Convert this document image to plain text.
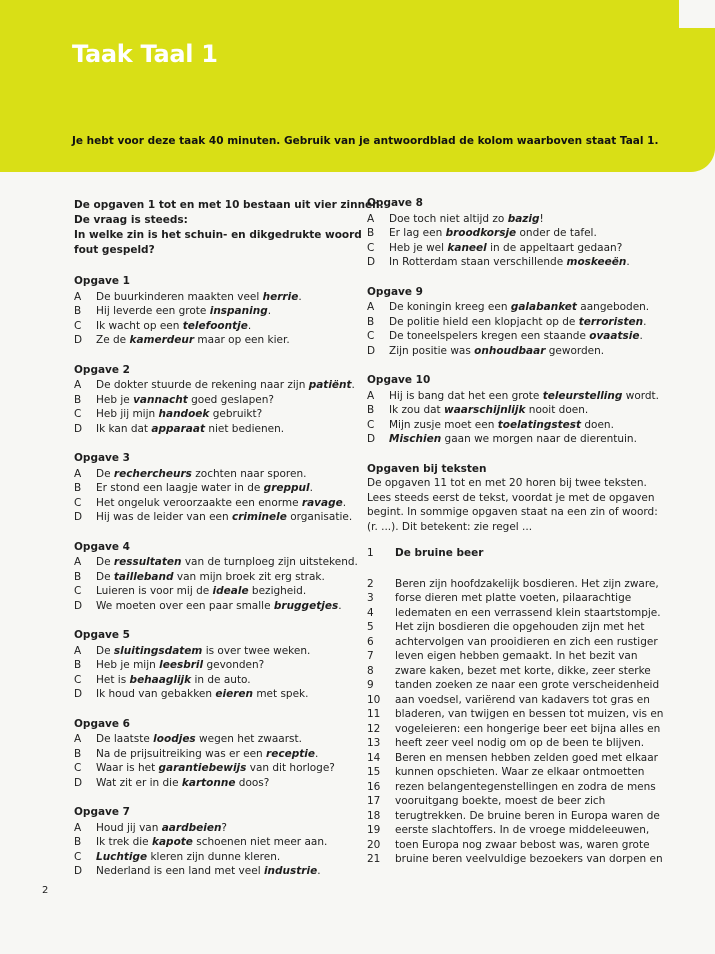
Taak Taal 1
Je hebt voor deze taak 40 minuten. Gebruik van je antwoordblad de kolom waarboven staat Taal 1.
De opgaven 1 tot en met 10 bestaan uit vier zinnen.
De vraag is steeds:
In welke zin is het schuin- en dikgedrukte woord
fout gespeld?
Opgave 1
A	De buurkinderen maakten veel herrie.
B	Hij leverde een grote inspaning.
C	Ik wacht op een telefoontje.
D	Ze de kamerdeur maar op een kier.
Opgave 2
A	De dokter stuurde de rekening naar zijn patiënt.
B	Heb je vannacht goed geslapen?
C	Heb jij mijn handoek gebruikt?
D	Ik kan dat apparaat niet bedienen.
Opgave 3
A	De rechercheurs zochten naar sporen.
B	Er stond een laagje water in de greppul.
C	Het ongeluk veroorzaakte een enorme ravage.
D	Hij was de leider van een criminele organisatie.
Opgave 4
A	De ressultaten van de turnploeg zijn uitstekend.
B	De tailleband van mijn broek zit erg strak.
C	Luieren is voor mij de ideale bezigheid.
D	We moeten over een paar smalle bruggetjes.
Opgave 5
A	De sluitingsdatem is over twee weken.
B	Heb je mijn leesbril gevonden?
C	Het is behaaglijk in de auto.
D	Ik houd van gebakken eieren met spek.
Opgave 6
A	De laatste loodjes wegen het zwaarst.
B	Na de prijsuitreiking was er een receptie.
C	Waar is het garantiebewijs van dit horloge?
D	Wat zit er in die kartonne doos?
Opgave 7
A	Houd jij van aardbeien?
B	Ik trek die kapote schoenen niet meer aan.
C	Luchtige kleren zijn dunne kleren.
D	Nederland is een land met veel industrie.
Opgave 8
A	Doe toch niet altijd zo bazig!
B	Er lag een broodkorsje onder de tafel.
C	Heb je wel kaneel in de appeltaart gedaan?
D	In Rotterdam staan verschillende moskeeën.
Opgave 9
A	De koningin kreeg een galabanket aangeboden.
B	De politie hield een klopjacht op de terroristen.
C	De toneelspelers kregen een staande ovaatsie.
D	Zijn positie was onhoudbaar geworden.
Opgave 10
A	Hij is bang dat het een grote teleurstelling wordt.
B	Ik zou dat waarschijnlijk nooit doen.
C	Mijn zusje moet een toelatingstest doen.
D	Mischien gaan we morgen naar de dierentuin.
Opgaven bij teksten
De opgaven 11 tot en met 20 horen bij twee teksten.
Lees steeds eerst de tekst, voordat je met de opgaven
begint. In sommige opgaven staat na een zin of woord:
(r. ...). Dit betekent: zie regel ...
1	De bruine beer
2	Beren zijn hoofdzakelijk bosdieren. Het zijn zware,
3	forse dieren met platte voeten, pilaarachtige
4	ledematen en een verrassend klein staartstompje.
5	Het zijn bosdieren die opgehouden zijn met het
6	achtervolgen van prooidieren en zich een rustiger
7	leven eigen hebben gemaakt. In het bezit van
8	zware kaken, bezet met korte, dikke, zeer sterke
9	tanden zoeken ze naar een grote verscheidenheid
10	aan voedsel, variërend van kadavers tot gras en
11	bladeren, van twijgen en bessen tot muizen, vis en
12	vogeleieren: een hongerige beer eet bijna alles en
13	heeft zeer veel nodig om op de been te blijven.
14	Beren en mensen hebben zelden goed met elkaar
15	kunnen opschieten. Waar ze elkaar ontmoetten
16	rezen belangentegenstellingen en zodra de mens
17	vooruitgang boekte, moest de beer zich
18	terugtrekken. De bruine beren in Europa waren de
19	eerste slachtoffers. In de vroege middeleeuwen,
20	toen Europa nog zwaar bebost was, waren grote
21	bruine beren veelvuldige bezoekers van dorpen en
2
